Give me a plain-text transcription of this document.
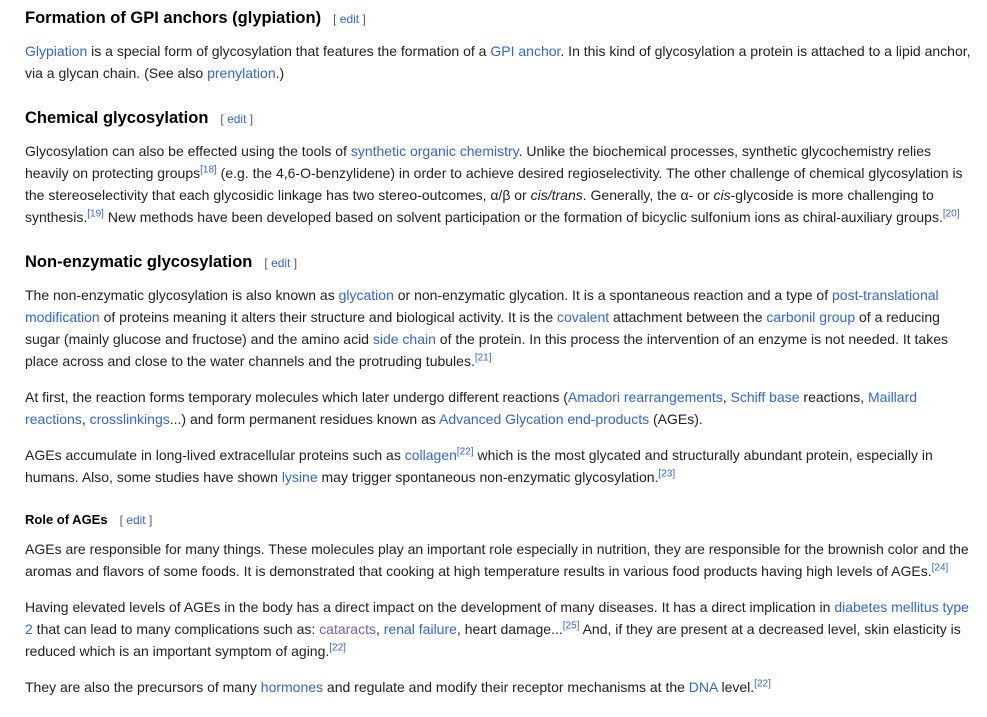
Formation of GPI anchors (glypiation) [ edit ]

Glypiation is a special form of glycosylation that features the formation of a GPI anchor. In this kind of glycosylation a protein is attached to a lipid anchor, via a glycan chain. (See also prenylation.)

Chemical glycosylation [ edit ]

Glycosylation can also be effected using the tools of synthetic organic chemistry. Unlike the biochemical processes, synthetic glycochemistry relies heavily on protecting groups[18] (e.g. the 4,6-O-benzylidene) in order to achieve desired regioselectivity. The other challenge of chemical glycosylation is the stereoselectivity that each glycosidic linkage has two stereo-outcomes, α/β or cis/trans. Generally, the α- or cis-glycoside is more challenging to synthesis.[19] New methods have been developed based on solvent participation or the formation of bicyclic sulfonium ions as chiral-auxiliary groups.[20]

Non-enzymatic glycosylation [ edit ]

The non-enzymatic glycosylation is also known as glycation or non-enzymatic glycation. It is a spontaneous reaction and a type of post-translational modification of proteins meaning it alters their structure and biological activity. It is the covalent attachment between the carbonil group of a reducing sugar (mainly glucose and fructose) and the amino acid side chain of the protein. In this process the intervention of an enzyme is not needed. It takes place across and close to the water channels and the protruding tubules.[21]

At first, the reaction forms temporary molecules which later undergo different reactions (Amadori rearrangements, Schiff base reactions, Maillard reactions, crosslinkings...) and form permanent residues known as Advanced Glycation end-products (AGEs).

AGEs accumulate in long-lived extracellular proteins such as collagen[22] which is the most glycated and structurally abundant protein, especially in humans. Also, some studies have shown lysine may trigger spontaneous non-enzymatic glycosylation.[23]

Role of AGEs [ edit ]

AGEs are responsible for many things. These molecules play an important role especially in nutrition, they are responsible for the brownish color and the aromas and flavors of some foods. It is demonstrated that cooking at high temperature results in various food products having high levels of AGEs.[24]

Having elevated levels of AGEs in the body has a direct impact on the development of many diseases. It has a direct implication in diabetes mellitus type 2 that can lead to many complications such as: cataracts, renal failure, heart damage...[25] And, if they are present at a decreased level, skin elasticity is reduced which is an important symptom of aging.[22]

They are also the precursors of many hormones and regulate and modify their receptor mechanisms at the DNA level.[22]
